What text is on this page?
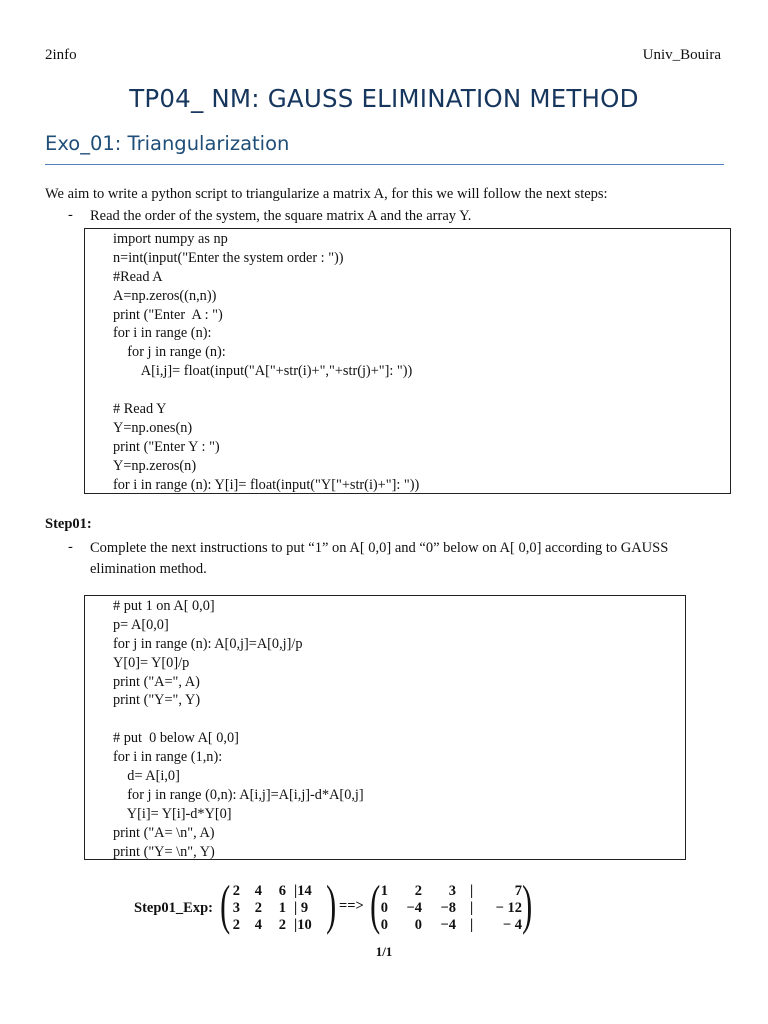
2info	Univ_Bouira
TP04_ NM: GAUSS ELIMINATION METHOD
Exo_01: Triangularization
We aim to write a python script to triangularize a matrix A, for this we will follow the next steps:
- Read the order of the system, the square matrix A and the array Y.
import numpy as np
n=int(input("Enter the system order : "))
#Read A
A=np.zeros((n,n))
print ("Enter  A : ")
for i in range (n):
for j in range (n):
A[i,j]= float(input("A["+str(i)+","+str(j)+"]: "))
# Read Y
Y=np.ones(n)
print ("Enter Y : ")
Y=np.zeros(n)
for i in range (n): Y[i]= float(input("Y["+str(i)+"]: "))
Step01:
- Complete the next instructions to put “1” on A[ 0,0] and “0” below on A[ 0,0] according to GAUSS elimination method.
# put 1 on A[ 0,0]
p= A[0,0]
for j in range (n): A[0,j]=A[0,j]/p
Y[0]= Y[0]/p
print ("A=", A)
print ("Y=", Y)
# put  0 below A[ 0,0]
for i in range (1,n):
d= A[i,0]
for j in range (0,n): A[i,j]=A[i,j]-d*A[0,j]
Y[i]= Y[i]-d*Y[0]
print ("A= \n", A)
print ("Y= \n", Y)
Step01_Exp: ( )
2	4	6 |14
3	2	1 | 9
2	4	2 |10
==> (	)
1	2	3 |	7
0	−4	−8 |	− 12
0	0	−4 |	− 4
1/1
